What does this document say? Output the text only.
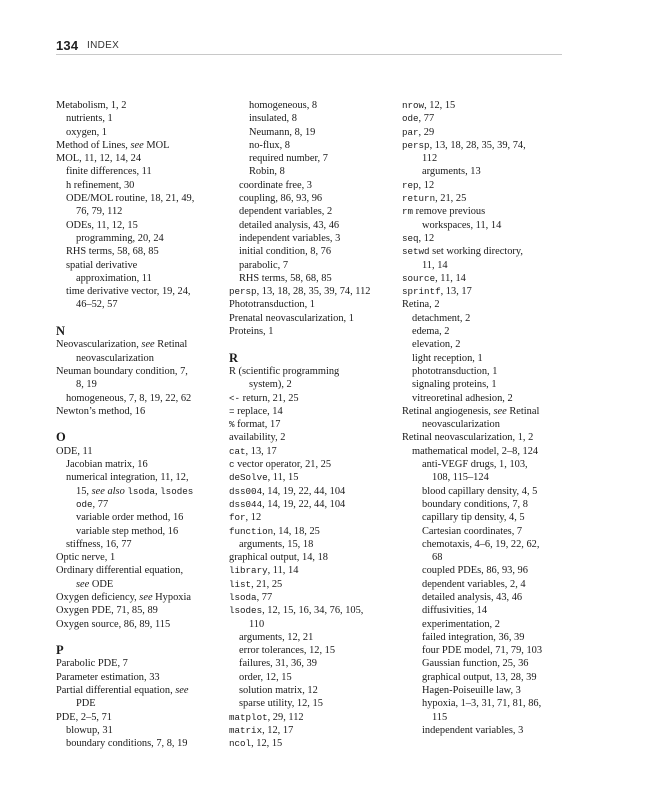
134 INDEX
Metabolism, 1, 2
nutrients, 1
oxygen, 1
Method of Lines, see MOL
MOL, 11, 12, 14, 24
finite differences, 11
h refinement, 30
ODE/MOL routine, 18, 21, 49,
76, 79, 112
ODEs, 11, 12, 15
programming, 20, 24
RHS terms, 58, 68, 85
spatial derivative
approximation, 11
time derivative vector, 19, 24,
46–52, 57
N
Neovascularization, see Retinal
neovascularization
Neuman boundary condition, 7,
8, 19
homogeneous, 7, 8, 19, 22, 62
Newton’s method, 16
O
ODE, 11
Jacobian matrix, 16
numerical integration, 11, 12,
15, see also lsoda, lsodes
ode, 77
variable order method, 16
variable step method, 16
stiffness, 16, 77
Optic nerve, 1
Ordinary differential equation,
see ODE
Oxygen deficiency, see Hypoxia
Oxygen PDE, 71, 85, 89
Oxygen source, 86, 89, 115
P
Parabolic PDE, 7
Parameter estimation, 33
Partial differential equation, see
PDE
PDE, 2–5, 71
blowup, 31
boundary conditions, 7, 8, 19
homogeneous, 8
insulated, 8
Neumann, 8, 19
no-flux, 8
required number, 7
Robin, 8
coordinate free, 3
coupling, 86, 93, 96
dependent variables, 2
detailed analysis, 43, 46
independent variables, 3
initial condition, 8, 76
parabolic, 7
RHS terms, 58, 68, 85
persp, 13, 18, 28, 35, 39, 74, 112
Phototransduction, 1
Prenatal neovascularization, 1
Proteins, 1
R
R (scientific programming
system), 2
<- return, 21, 25
= replace, 14
% format, 17
availability, 2
cat, 13, 17
c vector operator, 21, 25
deSolve, 11, 15
dss004, 14, 19, 22, 44, 104
dss044, 14, 19, 22, 44, 104
for, 12
function, 14, 18, 25
arguments, 15, 18
graphical output, 14, 18
library, 11, 14
list, 21, 25
lsoda, 77
lsodes, 12, 15, 16, 34, 76, 105,
110
arguments, 12, 21
error tolerances, 12, 15
failures, 31, 36, 39
order, 12, 15
solution matrix, 12
sparse utility, 12, 15
matplot, 29, 112
matrix, 12, 17
ncol, 12, 15
nrow, 12, 15
ode, 77
par, 29
persp, 13, 18, 28, 35, 39, 74,
112
arguments, 13
rep, 12
return, 21, 25
rm remove previous
workspaces, 11, 14
seq, 12
setwd set working directory,
11, 14
source, 11, 14
sprintf, 13, 17
Retina, 2
detachment, 2
edema, 2
elevation, 2
light reception, 1
phototransduction, 1
signaling proteins, 1
vitreoretinal adhesion, 2
Retinal angiogenesis, see Retinal
neovascularization
Retinal neovascularization, 1, 2
mathematical model, 2–8, 124
anti-VEGF drugs, 1, 103,
108, 115–124
blood capillary density, 4, 5
boundary conditions, 7, 8
capillary tip density, 4, 5
Cartesian coordinates, 7
chemotaxis, 4–6, 19, 22, 62,
68
coupled PDEs, 86, 93, 96
dependent variables, 2, 4
detailed analysis, 43, 46
diffusivities, 14
experimentation, 2
failed integration, 36, 39
four PDE model, 71, 79, 103
Gaussian function, 25, 36
graphical output, 13, 28, 39
Hagen-Poiseuille law, 3
hypoxia, 1–3, 31, 71, 81, 86,
115
independent variables, 3
